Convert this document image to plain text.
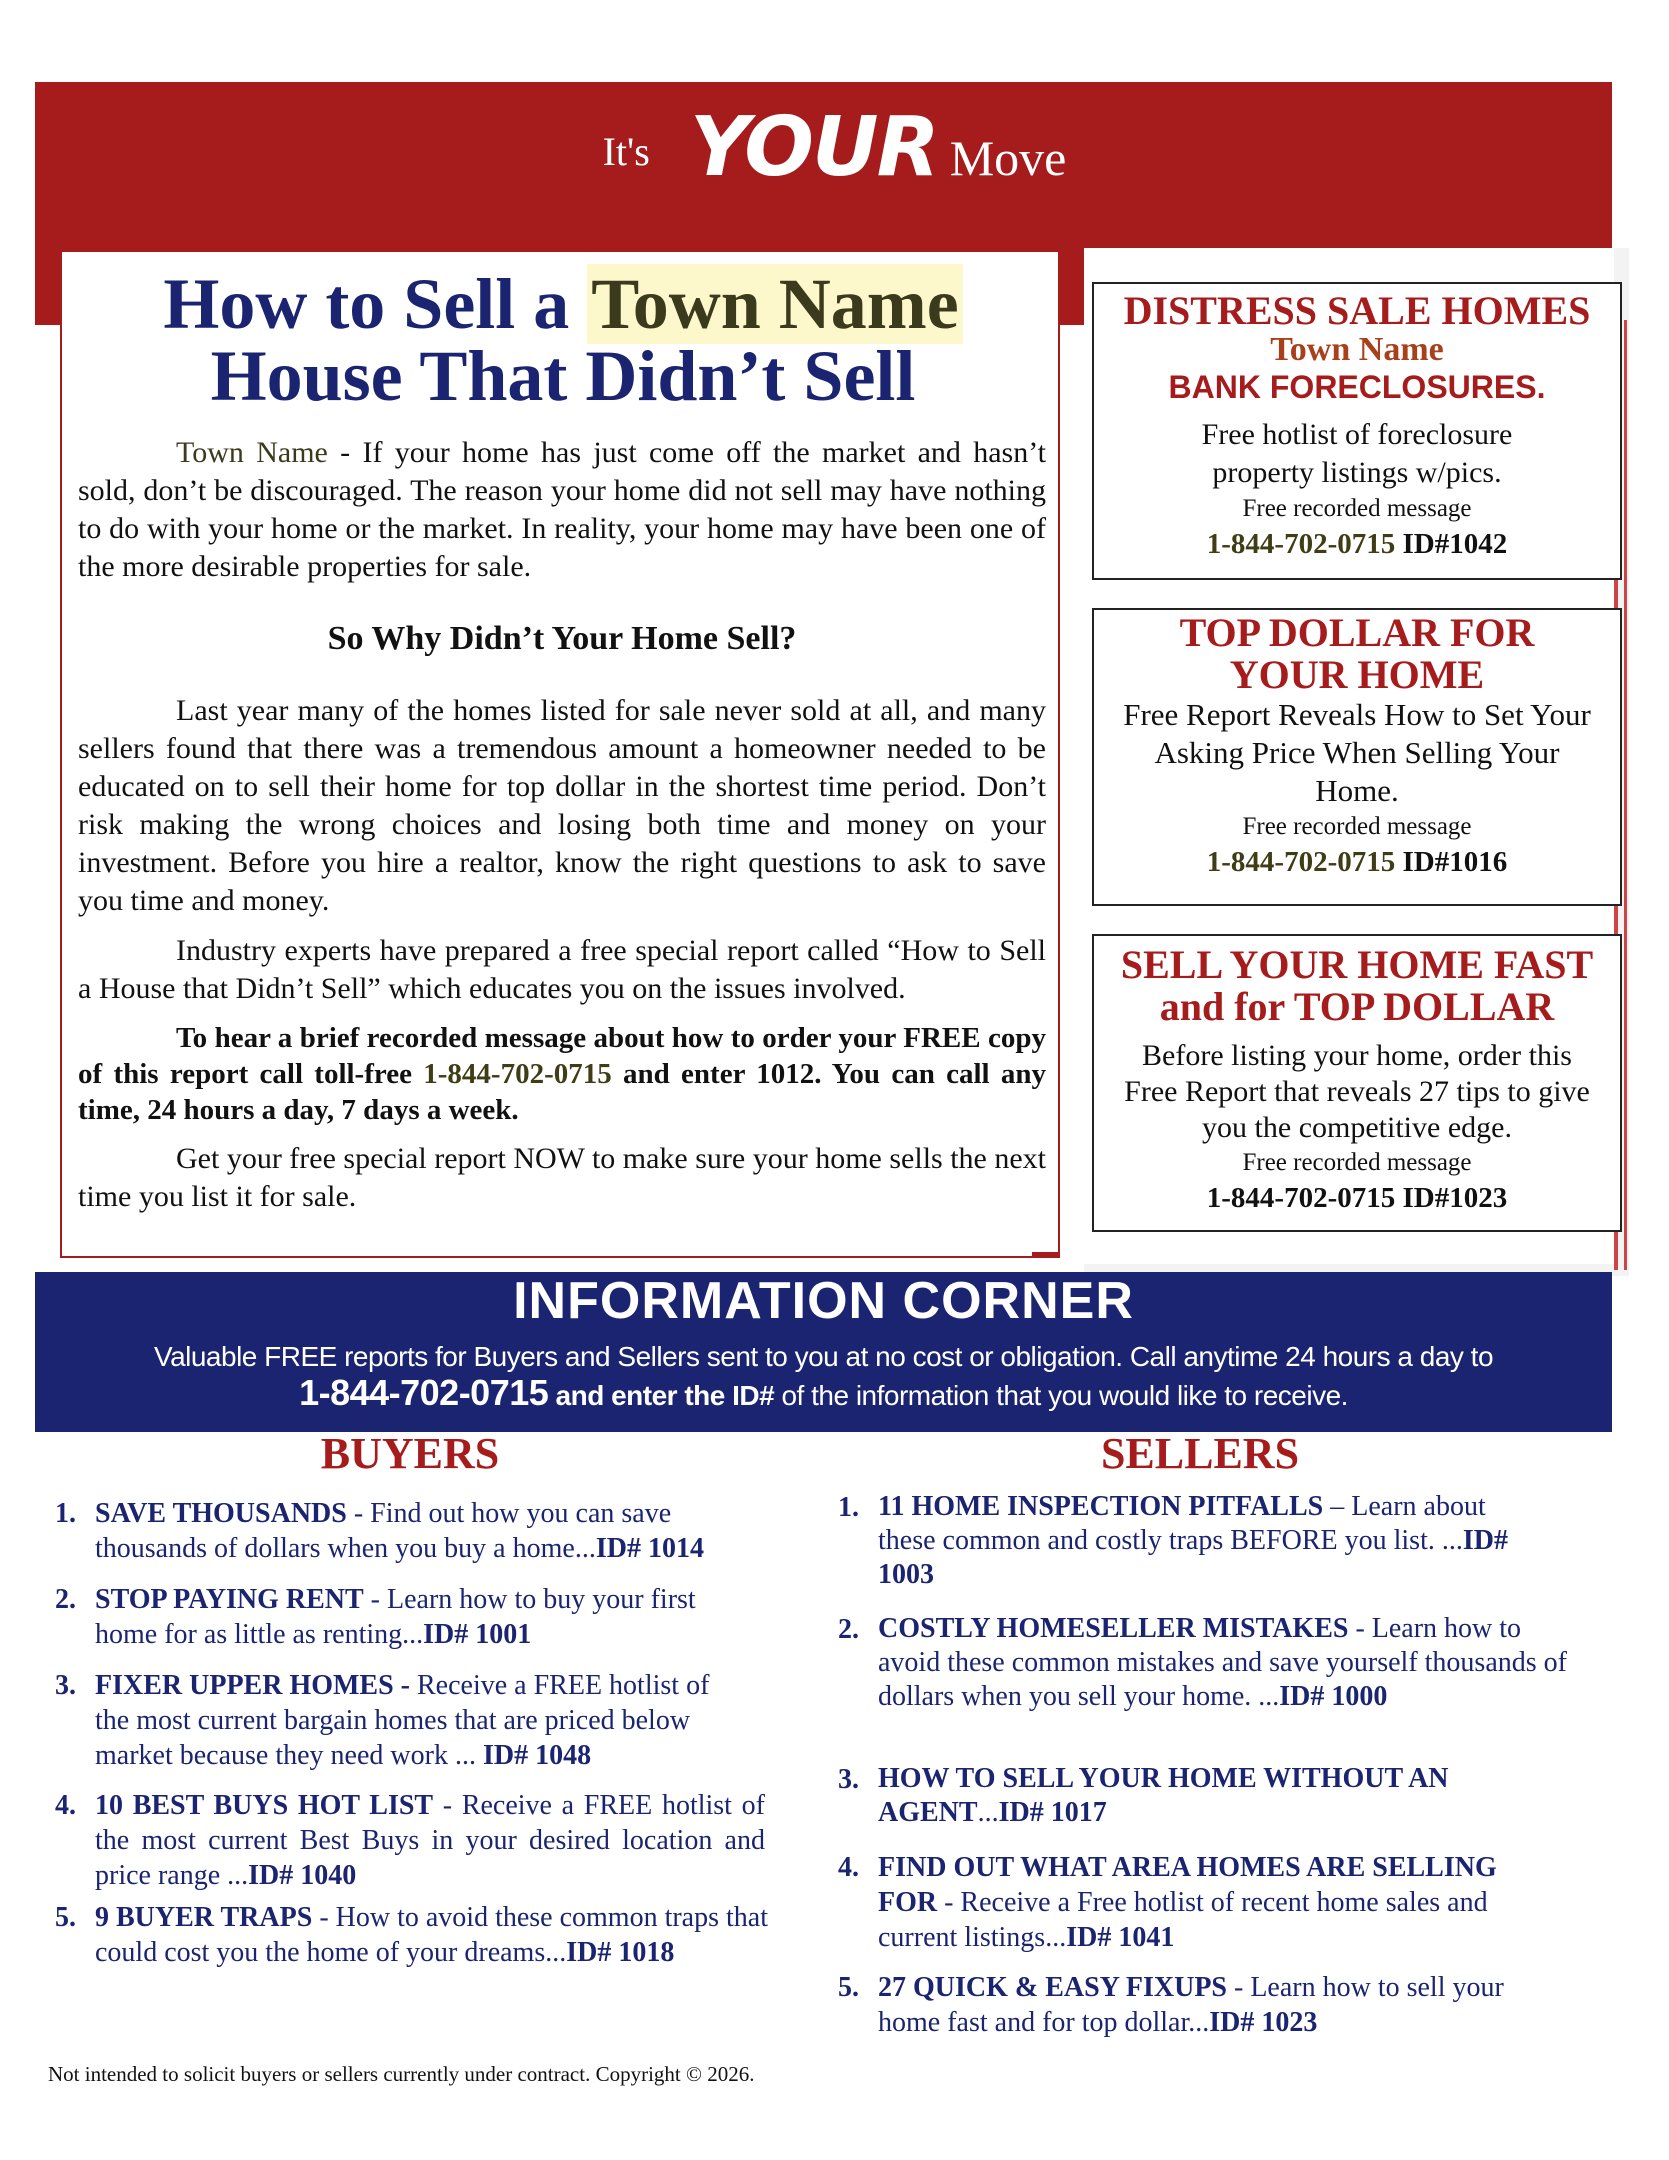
It's YOUR Move
How to Sell a Town Name
House That Didn’t Sell
Town Name - If your home has just come off the market and hasn’t sold, don’t be discouraged. The reason your home did not sell may have nothing to do with your home or the market. In reality, your home may have been one of the more desirable properties for sale.
So Why Didn’t Your Home Sell?
Last year many of the homes listed for sale never sold at all, and many sellers found that there was a tremendous amount a homeowner needed to be educated on to sell their home for top dollar in the shortest time period. Don’t risk making the wrong choices and losing both time and money on your investment. Before you hire a realtor, know the right questions to ask to save you time and money.
Industry experts have prepared a free special report called “How to Sell a House that Didn’t Sell” which educates you on the issues involved.
To hear a brief recorded message about how to order your FREE copy of this report call toll-free 1-844-702-0715 and enter 1012. You can call any time, 24 hours a day, 7 days a week.
Get your free special report NOW to make sure your home sells the next time you list it for sale.
DISTRESS SALE HOMES
Town Name
BANK FORECLOSURES.
Free hotlist of foreclosure
property listings w/pics.
Free recorded message
1-844-702-0715 ID#1042
TOP DOLLAR FOR
YOUR HOME
Free Report Reveals How to Set Your Asking Price When Selling Your Home.
Free recorded message
1-844-702-0715 ID#1016
SELL YOUR HOME FAST
and for TOP DOLLAR
Before listing your home, order this Free Report that reveals 27 tips to give you the competitive edge.
Free recorded message
1-844-702-0715 ID#1023
INFORMATION CORNER
Valuable FREE reports for Buyers and Sellers sent to you at no cost or obligation. Call anytime 24 hours a day to
1-844-702-0715 and enter the ID# of the information that you would like to receive.
BUYERS
1. SAVE THOUSANDS - Find out how you can save thousands of dollars when you buy a home...ID# 1014
2. STOP PAYING RENT - Learn how to buy your first home for as little as renting...ID# 1001
3. FIXER UPPER HOMES - Receive a FREE hotlist of the most current bargain homes that are priced below market because they need work ... ID# 1048
4. 10 BEST BUYS HOT LIST - Receive a FREE hotlist of the most current Best Buys in your desired location and price range ...ID# 1040
5. 9 BUYER TRAPS - How to avoid these common traps that could cost you the home of your dreams...ID# 1018
SELLERS
1. 11 HOME INSPECTION PITFALLS – Learn about these common and costly traps BEFORE you list. ...ID# 1003
2. COSTLY HOMESELLER MISTAKES - Learn how to avoid these common mistakes and save yourself thousands of dollars when you sell your home. ...ID# 1000
3. HOW TO SELL YOUR HOME WITHOUT AN AGENT...ID# 1017
4. FIND OUT WHAT AREA HOMES ARE SELLING FOR - Receive a Free hotlist of recent home sales and current listings...ID# 1041
5. 27 QUICK & EASY FIXUPS - Learn how to sell your home fast and for top dollar...ID# 1023
Not intended to solicit buyers or sellers currently under contract. Copyright © 2026.
